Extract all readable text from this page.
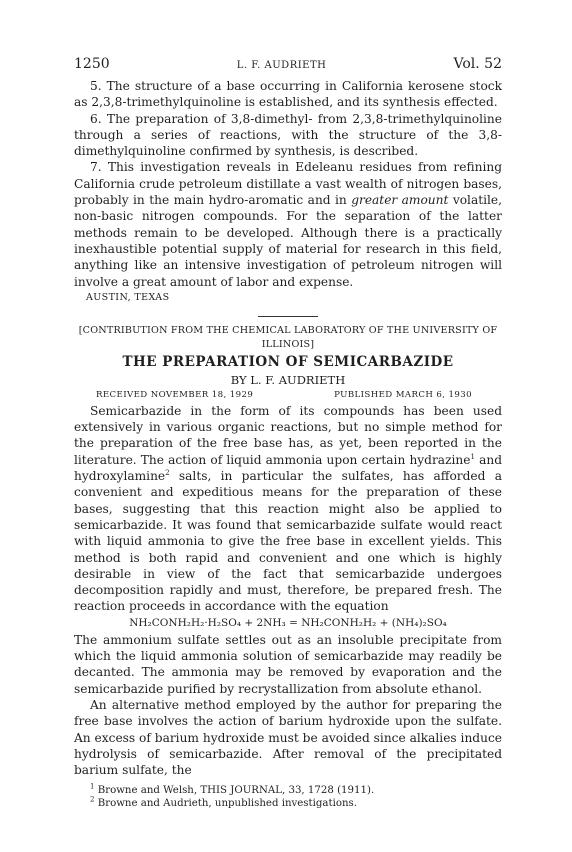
1250	L. F. AUDRIETH	Vol. 52

5. The structure of a base occurring in California kerosene stock as 2,3,8-trimethylquinoline is established, and its synthesis effected.

6. The preparation of 3,8-dimethyl- from 2,3,8-trimethylquinoline through a series of reactions, with the structure of the 3,8-dimethylquinoline confirmed by synthesis, is described.

7. This investigation reveals in Edeleanu residues from refining California crude petroleum distillate a vast wealth of nitrogen bases, probably in the main hydro-aromatic and in greater amount volatile, non-basic nitrogen compounds. For the separation of the latter methods remain to be developed. Although there is a practically inexhaustible potential supply of material for research in this field, anything like an intensive investigation of petroleum nitrogen will involve a great amount of labor and expense.

AUSTIN, TEXAS
[CONTRIBUTION FROM THE CHEMICAL LABORATORY OF THE UNIVERSITY OF ILLINOIS]
THE PREPARATION OF SEMICARBAZIDE
BY L. F. AUDRIETH
RECEIVED NOVEMBER 18, 1929	PUBLISHED MARCH 6, 1930

Semicarbazide in the form of its compounds has been used extensively in various organic reactions, but no simple method for the preparation of the free base has, as yet, been reported in the literature. The action of liquid ammonia upon certain hydrazine$^1$ and hydroxylamine$^2$ salts, in particular the sulfates, has afforded a convenient and expeditious means for the preparation of these bases, suggesting that this reaction might also be applied to semicarbazide. It was found that semicarbazide sulfate would react with liquid ammonia to give the free base in excellent yields. This method is both rapid and convenient and one which is highly desirable in view of the fact that semicarbazide undergoes decomposition rapidly and must, therefore, be prepared fresh. The reaction proceeds in accordance with the equation

NH₂CONH₂H₂·H₂SO₄ + 2NH₃ = NH₂CONH₂H₂ + (NH₄)₂SO₄

The ammonium sulfate settles out as an insoluble precipitate from which the liquid ammonia solution of semicarbazide may readily be decanted. The ammonia may be removed by evaporation and the semicarbazide purified by recrystallization from absolute ethanol.

An alternative method employed by the author for preparing the free base involves the action of barium hydroxide upon the sulfate. An excess of barium hydroxide must be avoided since alkalies induce hydrolysis of semicarbazide. After removal of the precipitated barium sulfate, the

$^1$ Browne and Welsh, THIS JOURNAL, 33, 1728 (1911).
$^2$ Browne and Audrieth, unpublished investigations.
